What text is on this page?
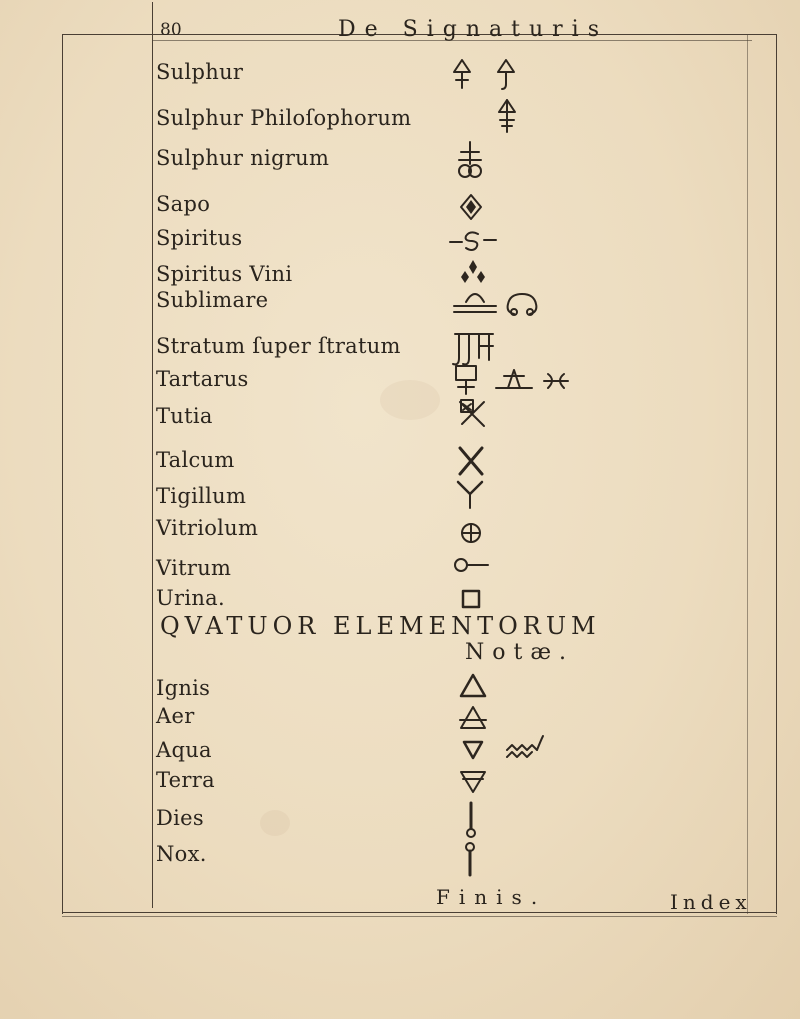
80	De Signaturis
Sulphur
Sulphur Philoſophorum
Sulphur nigrum
Sapo
Spiritus
Spiritus Vini
Sublimare
Stratum ſuper ſtratum
Tartarus
Tutia
Talcum
Tigillum
Vitriolum
Vitrum
Urina.
QVATUOR ELEMENTORUM
Notæ.
Ignis
Aer
Aqua
Terra
Dies
Nox.
Finis.	Index
